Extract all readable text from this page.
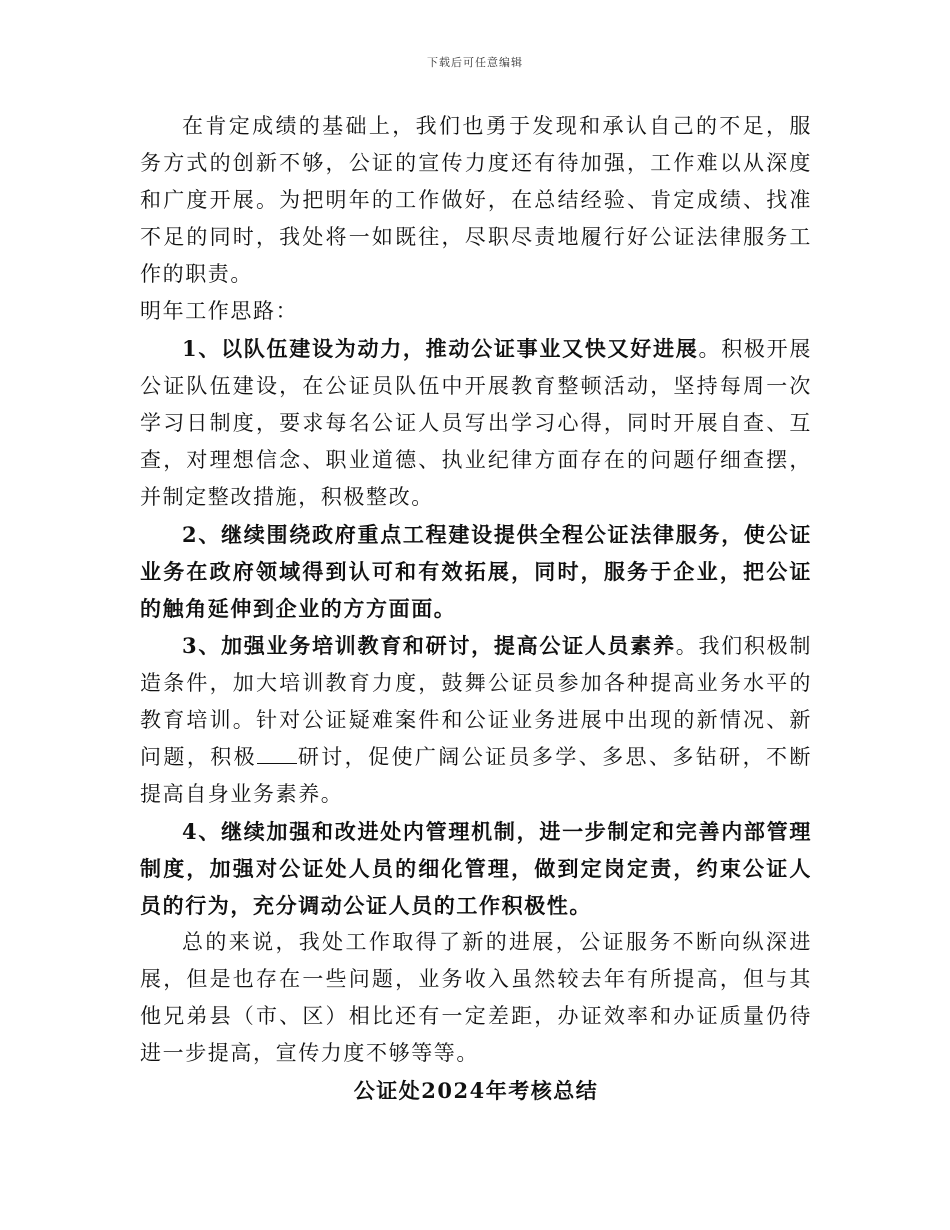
下载后可任意编辑

在肯定成绩的基础上，我们也勇于发现和承认自己的不足，服务方式的创新不够，公证的宣传力度还有待加强，工作难以从深度和广度开展。为把明年的工作做好，在总结经验、肯定成绩、找准不足的同时，我处将一如既往，尽职尽责地履行好公证法律服务工作的职责。

明年工作思路：

1、以队伍建设为动力，推动公证事业又快又好进展。积极开展公证队伍建设，在公证员队伍中开展教育整顿活动，坚持每周一次学习日制度，要求每名公证人员写出学习心得，同时开展自查、互查，对理想信念、职业道德、执业纪律方面存在的问题仔细查摆，并制定整改措施，积极整改。

2、继续围绕政府重点工程建设提供全程公证法律服务，使公证业务在政府领域得到认可和有效拓展，同时，服务于企业，把公证的触角延伸到企业的方方面面。

3、加强业务培训教育和研讨，提高公证人员素养。我们积极制造条件，加大培训教育力度，鼓舞公证员参加各种提高业务水平的教育培训。针对公证疑难案件和公证业务进展中出现的新情况、新问题，积极 研讨，促使广阔公证员多学、多思、多钻研，不断提高自身业务素养。

4、继续加强和改进处内管理机制，进一步制定和完善内部管理制度，加强对公证处人员的细化管理，做到定岗定责，约束公证人员的行为，充分调动公证人员的工作积极性。

总的来说，我处工作取得了新的进展，公证服务不断向纵深进展，但是也存在一些问题，业务收入虽然较去年有所提高，但与其他兄弟县（市、区）相比还有一定差距，办证效率和办证质量仍待进一步提高，宣传力度不够等等。

公证处2024年考核总结
